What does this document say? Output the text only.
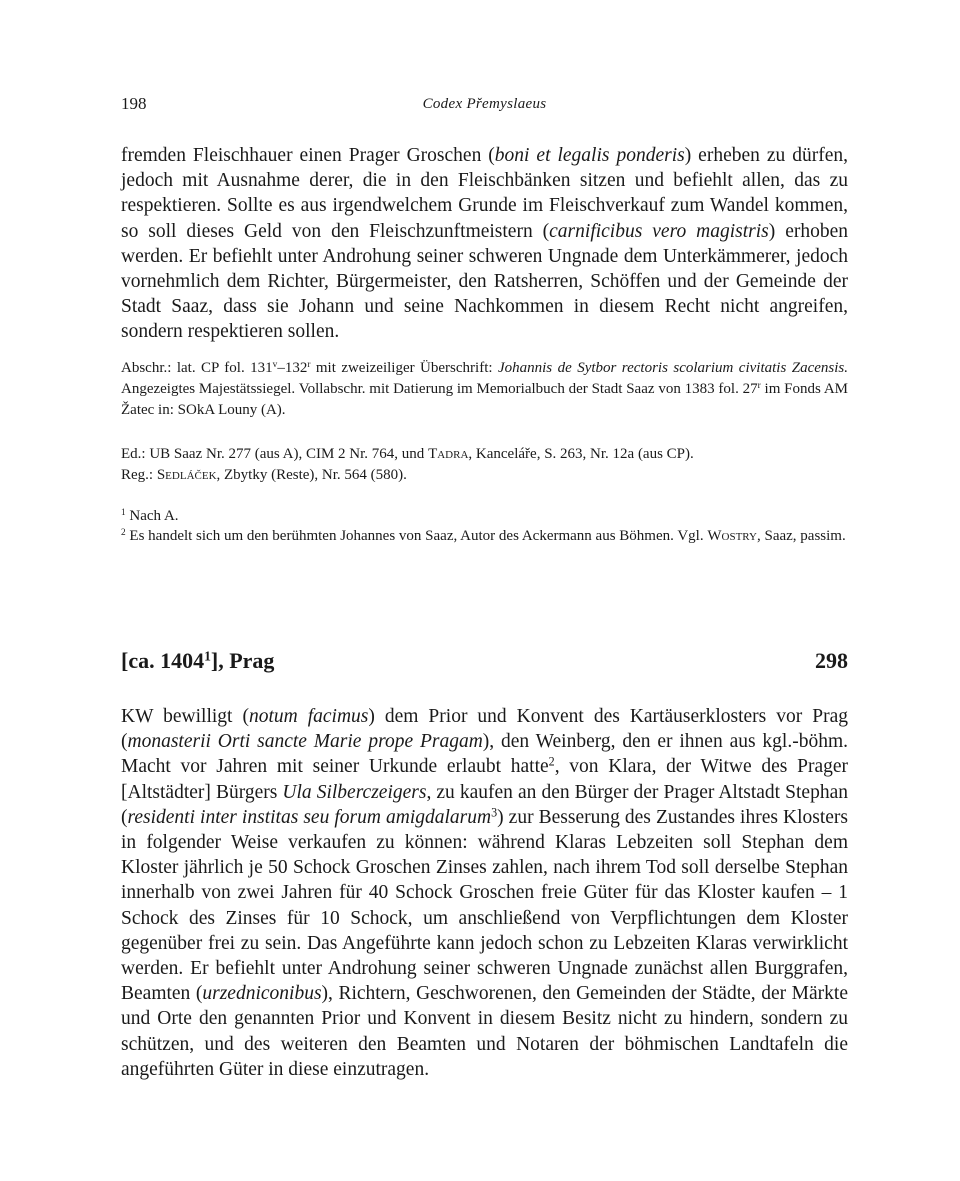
198	Codex Přemyslaeus

fremden Fleischhauer einen Prager Groschen (boni et legalis ponderis) erheben zu dürfen, jedoch mit Ausnahme derer, die in den Fleischbänken sitzen und befiehlt allen, das zu respektieren. Sollte es aus irgendwelchem Grunde im Fleischverkauf zum Wandel kommen, so soll dieses Geld von den Fleischzunftmeistern (carnificibus vero magistris) erhoben werden. Er befiehlt unter Androhung seiner schweren Ungnade dem Unterkämmerer, jedoch vornehmlich dem Richter, Bürgermeister, den Ratsherren, Schöffen und der Gemeinde der Stadt Saaz, dass sie Johann und seine Nachkommen in diesem Recht nicht angreifen, sondern respektieren sollen.

Abschr.: lat. CP fol. 131$^v$–132$^r$ mit zweizeiliger Überschrift: Johannis de Sytbor rectoris scolarium civitatis Zacensis. Angezeigtes Majestätssiegel. Vollabschr. mit Datierung im Memorialbuch der Stadt Saaz von 1383 fol. 27$^r$ im Fonds AM Žatec in: SOkA Louny (A).

Ed.: UB Saaz Nr. 277 (aus A), CIM 2 Nr. 764, und Tadra, Kanceláře, S. 263, Nr. 12a (aus CP).

Reg.: Sedláček, Zbytky (Reste), Nr. 564 (580).

$^1$ Nach A.

$^2$ Es handelt sich um den berühmten Johannes von Saaz, Autor des Ackermann aus Böhmen. Vgl. Wostry, Saaz, passim.

[ca. 1404$^1$], Prag	298

KW bewilligt (notum facimus) dem Prior und Konvent des Kartäuserklosters vor Prag (monasterii Orti sancte Marie prope Pragam), den Weinberg, den er ihnen aus kgl.-böhm. Macht vor Jahren mit seiner Urkunde erlaubt hatte$^2$, von Klara, der Witwe des Prager [Altstädter] Bürgers Ula Silberczeigers, zu kaufen an den Bürger der Prager Altstadt Stephan (residenti inter institas seu forum amigdalarum$^3$) zur Besserung des Zustandes ihres Klosters in folgender Weise verkaufen zu können: während Klaras Lebzeiten soll Stephan dem Kloster jährlich je 50 Schock Groschen Zinses zahlen, nach ihrem Tod soll derselbe Stephan innerhalb von zwei Jahren für 40 Schock Groschen freie Güter für das Kloster kaufen – 1 Schock des Zinses für 10 Schock, um anschließend von Verpflichtungen dem Kloster gegenüber frei zu sein. Das Angeführte kann jedoch schon zu Lebzeiten Klaras verwirklicht werden. Er befiehlt unter Androhung seiner schweren Ungnade zunächst allen Burggrafen, Beamten (urzedniconibus), Richtern, Geschworenen, den Gemeinden der Städte, der Märkte und Orte den genannten Prior und Konvent in diesem Besitz nicht zu hindern, sondern zu schützen, und des weiteren den Beamten und Notaren der böhmischen Landtafeln die angeführten Güter in diese einzutragen.
